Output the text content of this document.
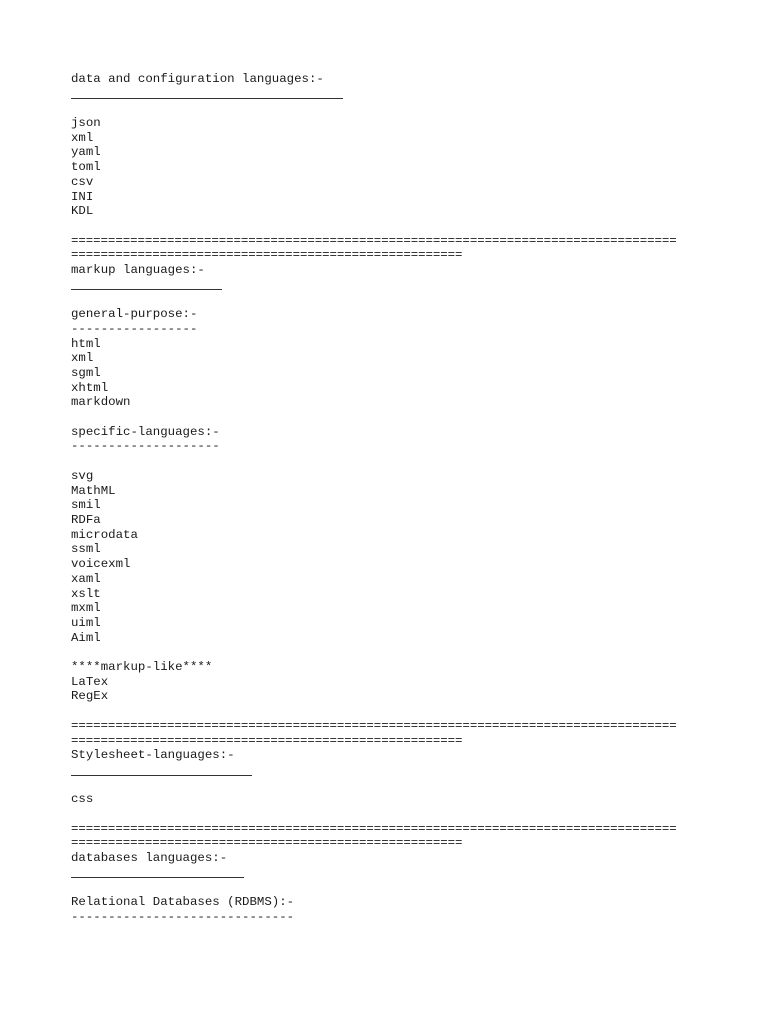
data and configuration languages:-
json
xml
yaml
toml
csv
INI
KDL
==================================================================================
=====================================================
markup languages:-
general-purpose:-
-----------------
html
xml
sgml
xhtml
markdown
specific-languages:-
--------------------
svg
MathML
smil
RDFa
microdata
ssml
voicexml
xaml
xslt
mxml
uiml
Aiml
****markup-like****
LaTex
RegEx
==================================================================================
=====================================================
Stylesheet-languages:-
css
==================================================================================
=====================================================
databases languages:-
Relational Databases (RDBMS):-
------------------------------
